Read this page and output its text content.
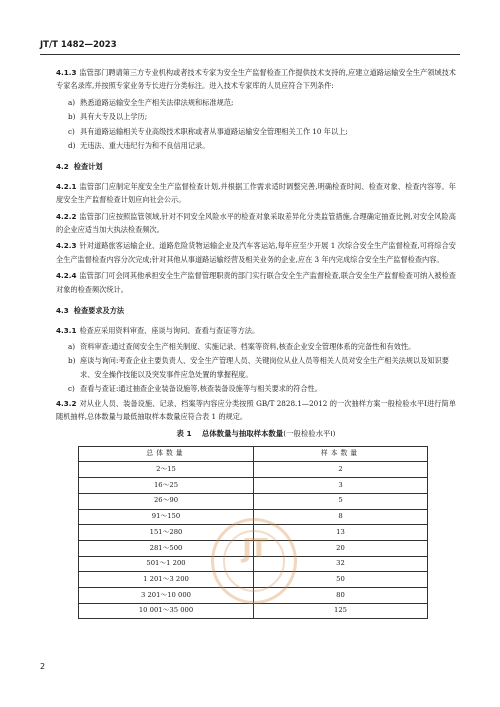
JT/T 1482—2023
4.1.3 监管部门聘请第三方专业机构或者技术专家为安全生产监督检查工作提供技术支持的,应建立道路运输安全生产领域技术专家名录库,并按照专家业务专长进行分类标注。进入技术专家库的人员应符合下列条件:
a) 熟悉道路运输安全生产相关法律法规和标准规范;
b) 具有大专及以上学历;
c) 具有道路运输相关专业高级技术职称或者从事道路运输安全管理相关工作 10 年以上;
d) 无违法、重大违纪行为和不良信用记录。
4.2 检查计划
4.2.1 监管部门应制定年度安全生产监督检查计划,并根据工作需求适时调整完善,明确检查时间、检查对象、检查内容等。年度安全生产监督检查计划应向社会公示。
4.2.2 监管部门应按照监管领域,针对不同安全风险水平的检查对象采取差异化分类监管措施,合理确定抽查比例,对安全风险高的企业应适当加大执法检查频次。
4.2.3 针对道路旅客运输企业、道路危险货物运输企业及汽车客运站,每年应至少开展 1 次综合安全生产监督检查,可将综合安全生产监督检查内容分次完成;针对其他从事道路运输经营及相关业务的企业,应在 3 年内完成综合安全生产监督检查内容。
4.2.4 监管部门可会同其他承担安全生产监督管理职责的部门实行联合安全生产监督检查,联合安全生产监督检查可纳入被检查对象的检查频次统计。
4.3 检查要求及方法
4.3.1 检查应采用资料审查、座谈与询问、查看与查证等方法。
a) 资料审查:通过查阅安全生产相关制度、实施记录、档案等资料,核查企业安全管理体系的完备性和有效性。
b) 座谈与询问:考查企业主要负责人、安全生产管理人员、关键岗位从业人员等相关人员对安全生产相关法规以及知识要求、安全操作技能以及突发事件应急处置的掌握程度。
c) 查看与查证:通过抽查企业装备设施等,核查装备设施等与相关要求的符合性。
4.3.2 对从业人员、装备设施、记录、档案等内容应分类按照 GB/T 2828.1—2012 的一次抽样方案一般检验水平Ⅰ进行简单随机抽样,总体数量与最低抽取样本数量应符合表 1 的规定。
表 1 总体数量与抽取样本数量(一般检验水平Ⅰ)
总体数量	样本数量
2～15	2
16～25	3
26～90	5
91～150	8
151～280	13
281～500	20
501～1 200	32
1 201～3 200	50
3 201～10 000	80
10 001～35 000	125
JT
2
